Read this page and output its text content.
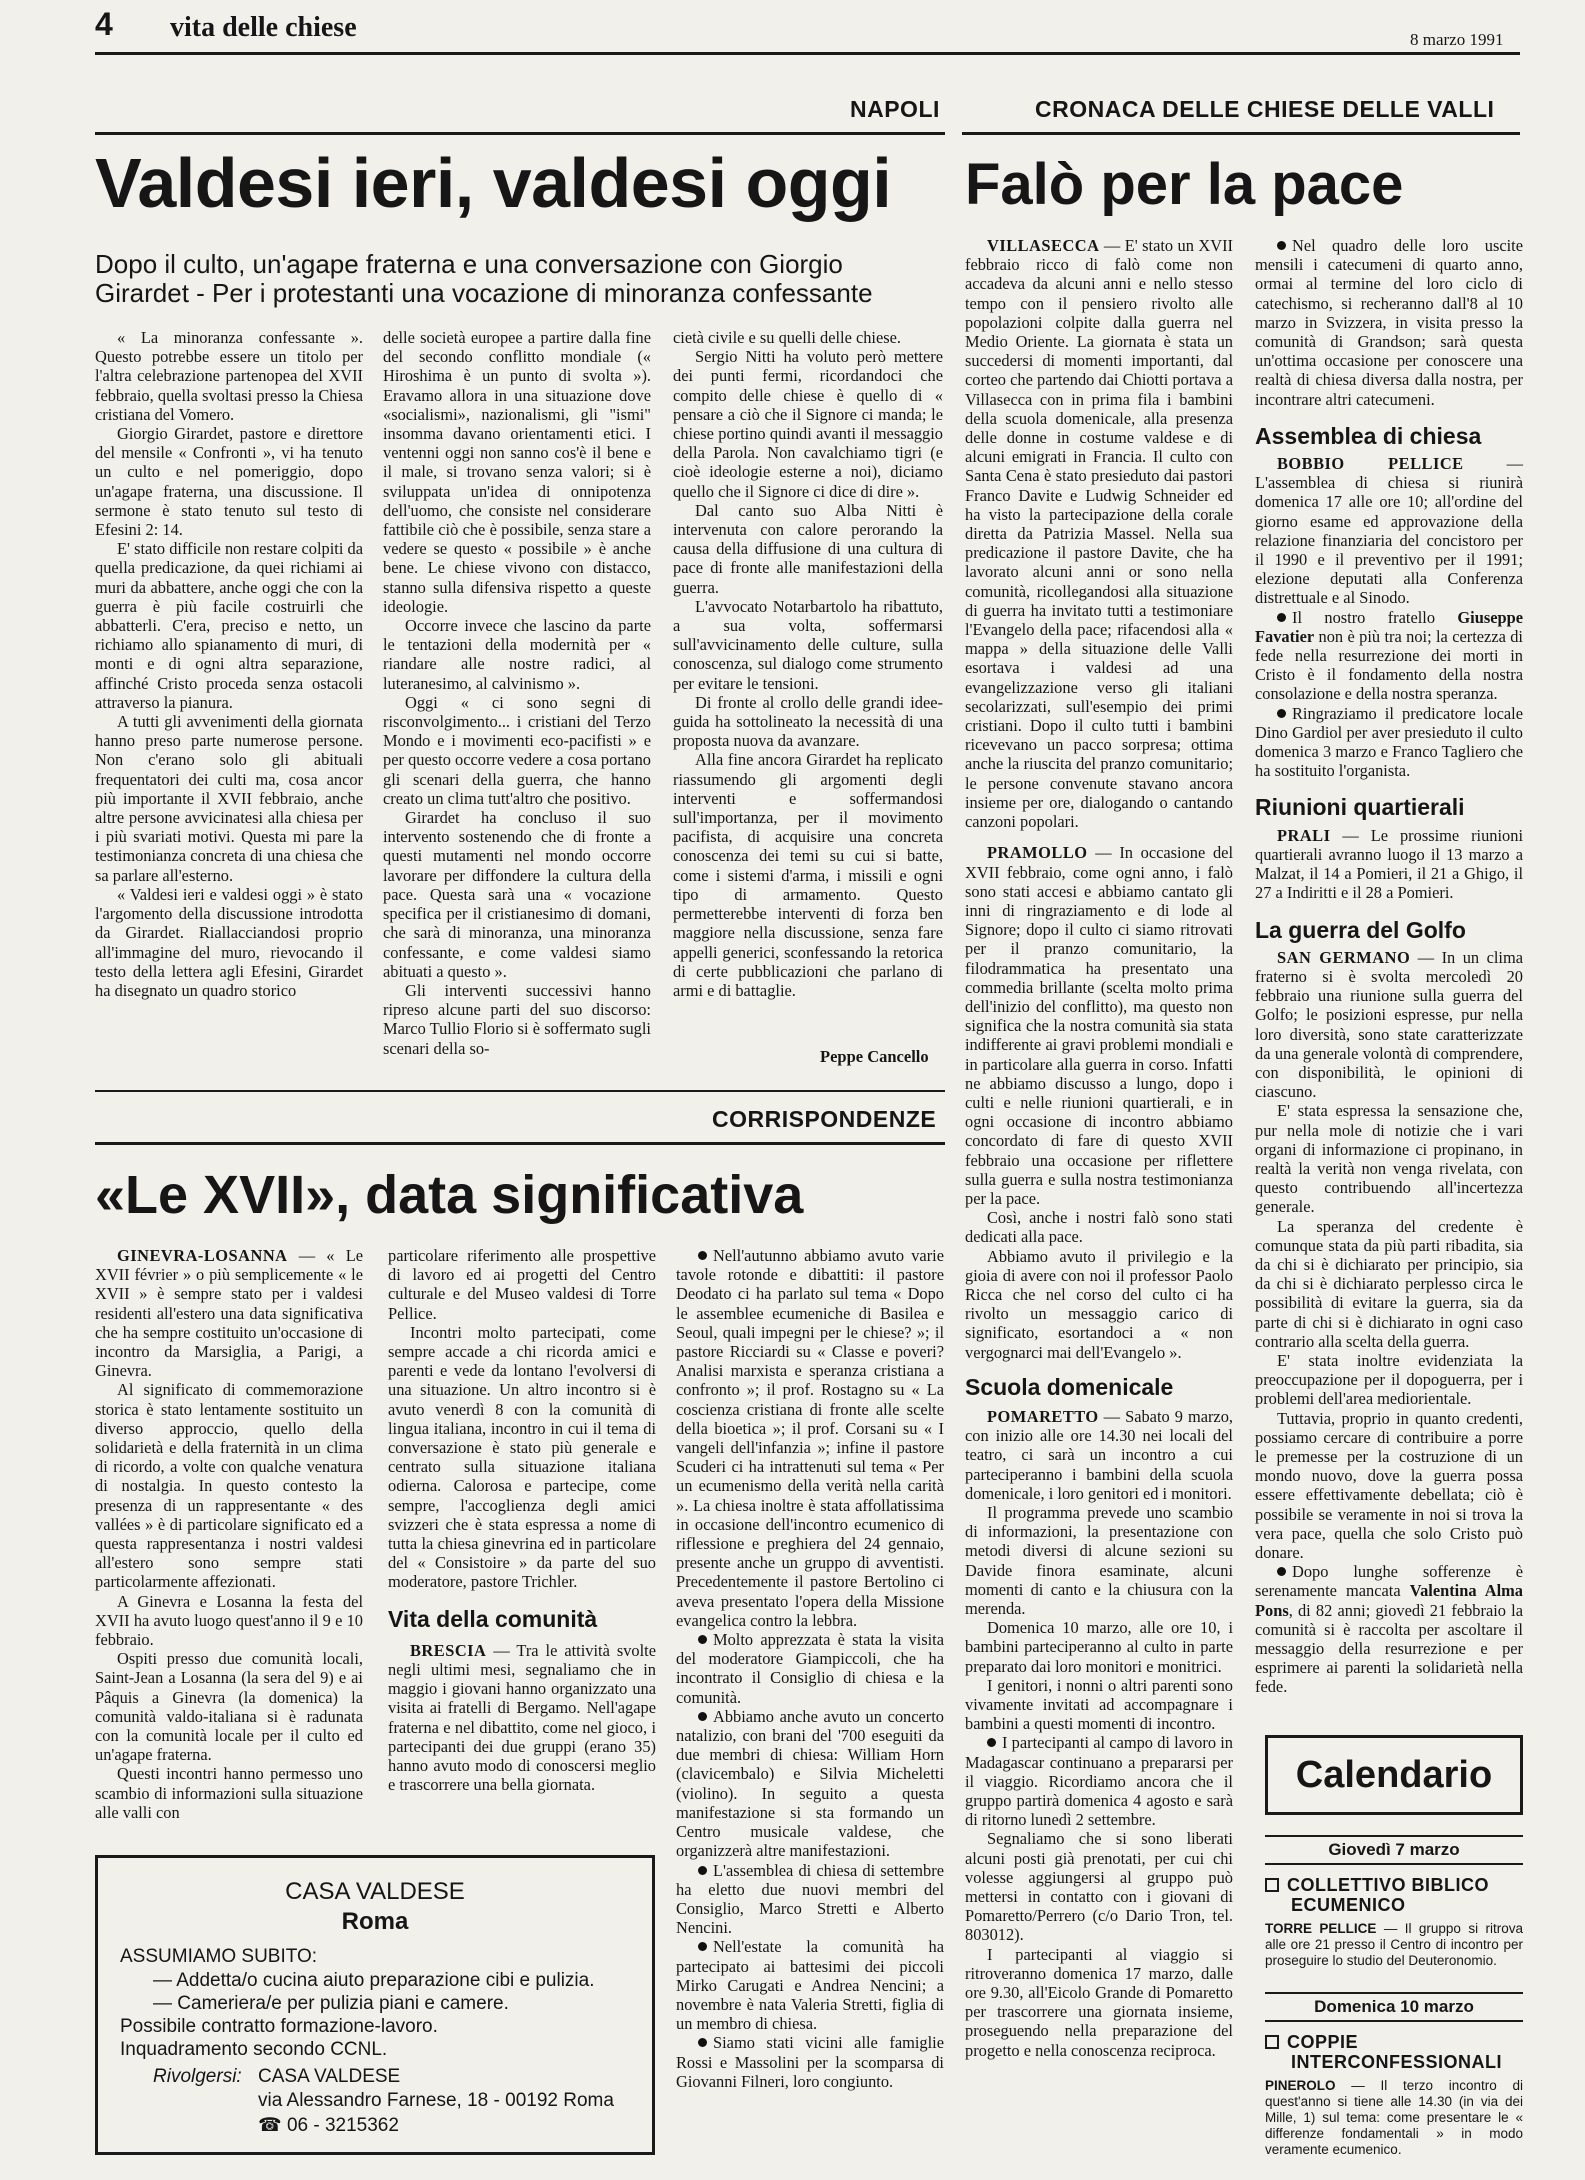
4 vita delle chiese	8 marzo 1991
NAPOLI
Valdesi ieri, valdesi oggi
Dopo il culto, un'agape fraterna e una conversazione con Giorgio
Girardet - Per i protestanti una vocazione di minoranza confessante

« La minoranza confessante ». Questo potrebbe essere un titolo per l'altra celebrazione partenopea del XVII febbraio, quella svoltasi presso la Chiesa cristiana del Vomero.

Giorgio Girardet, pastore e direttore del mensile « Confronti », vi ha tenuto un culto e nel pomeriggio, dopo un'agape fraterna, una discussione. Il sermone è stato tenuto sul testo di Efesini 2: 14.

E' stato difficile non restare colpiti da quella predicazione, da quei richiami ai muri da abbattere, anche oggi che con la guerra è più facile costruirli che abbatterli. C'era, preciso e netto, un richiamo allo spianamento di muri, di monti e di ogni altra separazione, affinché Cristo proceda senza ostacoli attraverso la pianura.

A tutti gli avvenimenti della giornata hanno preso parte numerose persone. Non c'erano solo gli abituali frequentatori dei culti ma, cosa ancor più importante il XVII febbraio, anche altre persone avvicinatesi alla chiesa per i più svariati motivi. Questa mi pare la testimonianza concreta di una chiesa che sa parlare all'esterno.

« Valdesi ieri e valdesi oggi » è stato l'argomento della discussione introdotta da Girardet. Riallacciandosi proprio all'immagine del muro, rievocando il testo della lettera agli Efesini, Girardet ha disegnato un quadro storico

delle società europee a partire dalla fine del secondo conflitto mondiale (« Hiroshima è un punto di svolta »). Eravamo allora in una situazione dove «socialismi», nazionalismi, gli "ismi" insomma davano orientamenti etici. I ventenni oggi non sanno cos'è il bene e il male, si trovano senza valori; si è sviluppata un'idea di onnipotenza dell'uomo, che consiste nel considerare fattibile ciò che è possibile, senza stare a vedere se questo « possibile » è anche bene. Le chiese vivono con distacco, stanno sulla difensiva rispetto a queste ideologie.

Occorre invece che lascino da parte le tentazioni della modernità per « riandare alle nostre radici, al luteranesimo, al calvinismo ».

Oggi « ci sono segni di risconvolgimento... i cristiani del Terzo Mondo e i movimenti eco-pacifisti » e per questo occorre vedere a cosa portano gli scenari della guerra, che hanno creato un clima tutt'altro che positivo.

Girardet ha concluso il suo intervento sostenendo che di fronte a questi mutamenti nel mondo occorre lavorare per diffondere la cultura della pace. Questa sarà una « vocazione specifica per il cristianesimo di domani, che sarà di minoranza, una minoranza confessante, e come valdesi siamo abituati a questo ».

Gli interventi successivi hanno ripreso alcune parti del suo discorso: Marco Tullio Florio si è soffermato sugli scenari della so-

cietà civile e su quelli delle chiese.

Sergio Nitti ha voluto però mettere dei punti fermi, ricordandoci che compito delle chiese è quello di « pensare a ciò che il Signore ci manda; le chiese portino quindi avanti il messaggio della Parola. Non cavalchiamo tigri (e cioè ideologie esterne a noi), diciamo quello che il Signore ci dice di dire ».

Dal canto suo Alba Nitti è intervenuta con calore perorando la causa della diffusione di una cultura di pace di fronte alle manifestazioni della guerra.

L'avvocato Notarbartolo ha ribattuto, a sua volta, soffermarsi sull'avvicinamento delle culture, sulla conoscenza, sul dialogo come strumento per evitare le tensioni.

Di fronte al crollo delle grandi idee-guida ha sottolineato la necessità di una proposta nuova da avanzare.

Alla fine ancora Girardet ha replicato riassumendo gli argomenti degli interventi e soffermandosi sull'importanza, per il movimento pacifista, di acquisire una concreta conoscenza dei temi su cui si batte, come i sistemi d'arma, i missili e ogni tipo di armamento. Questo permetterebbe interventi di forza ben maggiore nella discussione, senza fare appelli generici, sconfessando la retorica di certe pubblicazioni che parlano di armi e di battaglie.

Peppe Cancello
CORRISPONDENZE
«Le XVII», data significativa

GINEVRA-LOSANNA — « Le XVII février » o più semplicemente « le XVII » è sempre stato per i valdesi residenti all'estero una data significativa che ha sempre costituito un'occasione di incontro da Marsiglia, a Parigi, a Ginevra.

Al significato di commemorazione storica è stato lentamente sostituito un diverso approccio, quello della solidarietà e della fraternità in un clima di ricordo, a volte con qualche venatura di nostalgia. In questo contesto la presenza di un rappresentante « des vallées » è di particolare significato ed a questa rappresentanza i nostri valdesi all'estero sono sempre stati particolarmente affezionati.

A Ginevra e Losanna la festa del XVII ha avuto luogo quest'anno il 9 e 10 febbraio.

Ospiti presso due comunità locali, Saint-Jean a Losanna (la sera del 9) e ai Pâquis a Ginevra (la domenica) la comunità valdo-italiana si è radunata con la comunità locale per il culto ed un'agape fraterna.

Questi incontri hanno permesso uno scambio di informazioni sulla situazione alle valli con

particolare riferimento alle prospettive di lavoro ed ai progetti del Centro culturale e del Museo valdesi di Torre Pellice.

Incontri molto partecipati, come sempre accade a chi ricorda amici e parenti e vede da lontano l'evolversi di una situazione. Un altro incontro si è avuto venerdì 8 con la comunità di lingua italiana, incontro in cui il tema di conversazione è stato più generale e centrato sulla situazione italiana odierna. Calorosa e partecipe, come sempre, l'accoglienza degli amici svizzeri che è stata espressa a nome di tutta la chiesa ginevrina ed in particolare del « Consistoire » da parte del suo moderatore, pastore Trichler.

Vita della comunità

BRESCIA — Tra le attività svolte negli ultimi mesi, segnaliamo che in maggio i giovani hanno organizzato una visita ai fratelli di Bergamo. Nell'agape fraterna e nel dibattito, come nel gioco, i partecipanti dei due gruppi (erano 35) hanno avuto modo di conoscersi meglio e trascorrere una bella giornata.

Nell'autunno abbiamo avuto varie tavole rotonde e dibattiti: il pastore Deodato ci ha parlato sul tema « Dopo le assemblee ecumeniche di Basilea e Seoul, quali impegni per le chiese? »; il pastore Ricciardi su « Classe e poveri? Analisi marxista e speranza cristiana a confronto »; il prof. Rostagno su « La coscienza cristiana di fronte alle scelte della bioetica »; il prof. Corsani su « I vangeli dell'infanzia »; infine il pastore Scuderi ci ha intrattenuti sul tema « Per un ecumenismo della verità nella carità ». La chiesa inoltre è stata affollatissima in occasione dell'incontro ecumenico di riflessione e preghiera del 24 gennaio, presente anche un gruppo di avventisti. Precedentemente il pastore Bertolino ci aveva presentato l'opera della Missione evangelica contro la lebbra.

Molto apprezzata è stata la visita del moderatore Giampiccoli, che ha incontrato il Consiglio di chiesa e la comunità.

Abbiamo anche avuto un concerto natalizio, con brani del '700 eseguiti da due membri di chiesa: William Horn (clavicembalo) e Silvia Micheletti (violino). In seguito a questa manifestazione si sta formando un Centro musicale valdese, che organizzerà altre manifestazioni.

L'assemblea di chiesa di settembre ha eletto due nuovi membri del Consiglio, Marco Stretti e Alberto Nencini.

Nell'estate la comunità ha partecipato ai battesimi dei piccoli Mirko Carugati e Andrea Nencini; a novembre è nata Valeria Stretti, figlia di un membro di chiesa.

Siamo stati vicini alle famiglie Rossi e Massolini per la scomparsa di Giovanni Filneri, loro congiunto.

CASA VALDESE
Roma
ASSUMIAMO SUBITO:
— Addetta/o cucina aiuto preparazione cibi e pulizia.
— Cameriera/e per pulizia piani e camere.
Possibile contratto formazione-lavoro.
Inquadramento secondo CCNL.
Rivolgersi: CASA VALDESE
via Alessandro Farnese, 18 - 00192 Roma
☎ 06 - 3215362
CRONACA DELLE CHIESE DELLE VALLI
Falò per la pace

VILLASECCA — E' stato un XVII febbraio ricco di falò come non accadeva da alcuni anni e nello stesso tempo con il pensiero rivolto alle popolazioni colpite dalla guerra nel Medio Oriente. La giornata è stata un succedersi di momenti importanti, dal corteo che partendo dai Chiotti portava a Villasecca con in prima fila i bambini della scuola domenicale, alla presenza delle donne in costume valdese e di alcuni emigrati in Francia. Il culto con Santa Cena è stato presieduto dai pastori Franco Davite e Ludwig Schneider ed ha visto la partecipazione della corale diretta da Patrizia Massel. Nella sua predicazione il pastore Davite, che ha lavorato alcuni anni or sono nella comunità, ricollegandosi alla situazione di guerra ha invitato tutti a testimoniare l'Evangelo della pace; rifacendosi alla « mappa » della situazione delle Valli esortava i valdesi ad una evangelizzazione verso gli italiani secolarizzati, sull'esempio dei primi cristiani. Dopo il culto tutti i bambini ricevevano un pacco sorpresa; ottima anche la riuscita del pranzo comunitario; le persone convenute stavano ancora insieme per ore, dialogando o cantando canzoni popolari.

PRAMOLLO — In occasione del XVII febbraio, come ogni anno, i falò sono stati accesi e abbiamo cantato gli inni di ringraziamento e di lode al Signore; dopo il culto ci siamo ritrovati per il pranzo comunitario, la filodrammatica ha presentato una commedia brillante (scelta molto prima dell'inizio del conflitto), ma questo non significa che la nostra comunità sia stata indifferente ai gravi problemi mondiali e in particolare alla guerra in corso. Infatti ne abbiamo discusso a lungo, dopo i culti e nelle riunioni quartierali, e in ogni occasione di incontro abbiamo concordato di fare di questo XVII febbraio una occasione per riflettere sulla guerra e sulla nostra testimonianza per la pace.

Così, anche i nostri falò sono stati dedicati alla pace.

Abbiamo avuto il privilegio e la gioia di avere con noi il professor Paolo Ricca che nel corso del culto ci ha rivolto un messaggio carico di significato, esortandoci a « non vergognarci mai dell'Evangelo ».

Scuola domenicale

POMARETTO — Sabato 9 marzo, con inizio alle ore 14.30 nei locali del teatro, ci sarà un incontro a cui parteciperanno i bambini della scuola domenicale, i loro genitori ed i monitori.

Il programma prevede uno scambio di informazioni, la presentazione con metodi diversi di alcune sezioni su Davide finora esaminate, alcuni momenti di canto e la chiusura con la merenda.

Domenica 10 marzo, alle ore 10, i bambini parteciperanno al culto in parte preparato dai loro monitori e monitrici.

I genitori, i nonni o altri parenti sono vivamente invitati ad accompagnare i bambini a questi momenti di incontro.

I partecipanti al campo di lavoro in Madagascar continuano a prepararsi per il viaggio. Ricordiamo ancora che il gruppo partirà domenica 4 agosto e sarà di ritorno lunedì 2 settembre.

Segnaliamo che si sono liberati alcuni posti già prenotati, per cui chi volesse aggiungersi al gruppo può mettersi in contatto con i giovani di Pomaretto/Perrero (c/o Dario Tron, tel. 803012).

I partecipanti al viaggio si ritroveranno domenica 17 marzo, dalle ore 9.30, all'Eicolo Grande di Pomaretto per trascorrere una giornata insieme, proseguendo nella preparazione del progetto e nella conoscenza reciproca.

Nel quadro delle loro uscite mensili i catecumeni di quarto anno, ormai al termine del loro ciclo di catechismo, si recheranno dall'8 al 10 marzo in Svizzera, in visita presso la comunità di Grandson; sarà questa un'ottima occasione per conoscere una realtà di chiesa diversa dalla nostra, per incontrare altri catecumeni.

Assemblea di chiesa

BOBBIO PELLICE — L'assemblea di chiesa si riunirà domenica 17 alle ore 10; all'ordine del giorno esame ed approvazione della relazione finanziaria del concistoro per il 1990 e il preventivo per il 1991; elezione deputati alla Conferenza distrettuale e al Sinodo.

Il nostro fratello Giuseppe Favatier non è più tra noi; la certezza di fede nella resurrezione dei morti in Cristo è il fondamento della nostra consolazione e della nostra speranza.

Ringraziamo il predicatore locale Dino Gardiol per aver presieduto il culto domenica 3 marzo e Franco Tagliero che ha sostituito l'organista.

Riunioni quartierali

PRALI — Le prossime riunioni quartierali avranno luogo il 13 marzo a Malzat, il 14 a Pomieri, il 21 a Ghigo, il 27 a Indiritti e il 28 a Pomieri.

La guerra del Golfo

SAN GERMANO — In un clima fraterno si è svolta mercoledì 20 febbraio una riunione sulla guerra del Golfo; le posizioni espresse, pur nella loro diversità, sono state caratterizzate da una generale volontà di comprendere, con disponibilità, le opinioni di ciascuno.

E' stata espressa la sensazione che, pur nella mole di notizie che i vari organi di informazione ci propinano, in realtà la verità non venga rivelata, con questo contribuendo all'incertezza generale.

La speranza del credente è comunque stata da più parti ribadita, sia da chi si è dichiarato per principio, sia da chi si è dichiarato perplesso circa le possibilità di evitare la guerra, sia da parte di chi si è dichiarato in ogni caso contrario alla scelta della guerra.

E' stata inoltre evidenziata la preoccupazione per il dopoguerra, per i problemi dell'area mediorientale.

Tuttavia, proprio in quanto credenti, possiamo cercare di contribuire a porre le premesse per la costruzione di un mondo nuovo, dove la guerra possa essere effettivamente debellata; ciò è possibile se veramente in noi si trova la vera pace, quella che solo Cristo può donare.

Dopo lunghe sofferenze è serenamente mancata Valentina Alma Pons, di 82 anni; giovedì 21 febbraio la comunità si è raccolta per ascoltare il messaggio della resurrezione e per esprimere ai parenti la solidarietà nella fede.

Calendario
Giovedì 7 marzo
COLLETTIVO BIBLICO
ECUMENICO
TORRE PELLICE — Il gruppo si ritrova alle ore 21 presso il Centro di incontro per proseguire lo studio del Deuteronomio.
Domenica 10 marzo
COPPIE
INTERCONFESSIONALI
PINEROLO — Il terzo incontro di quest'anno si tiene alle 14.30 (in via dei Mille, 1) sul tema: come presentare le « differenze fondamentali » in modo veramente ecumenico.
